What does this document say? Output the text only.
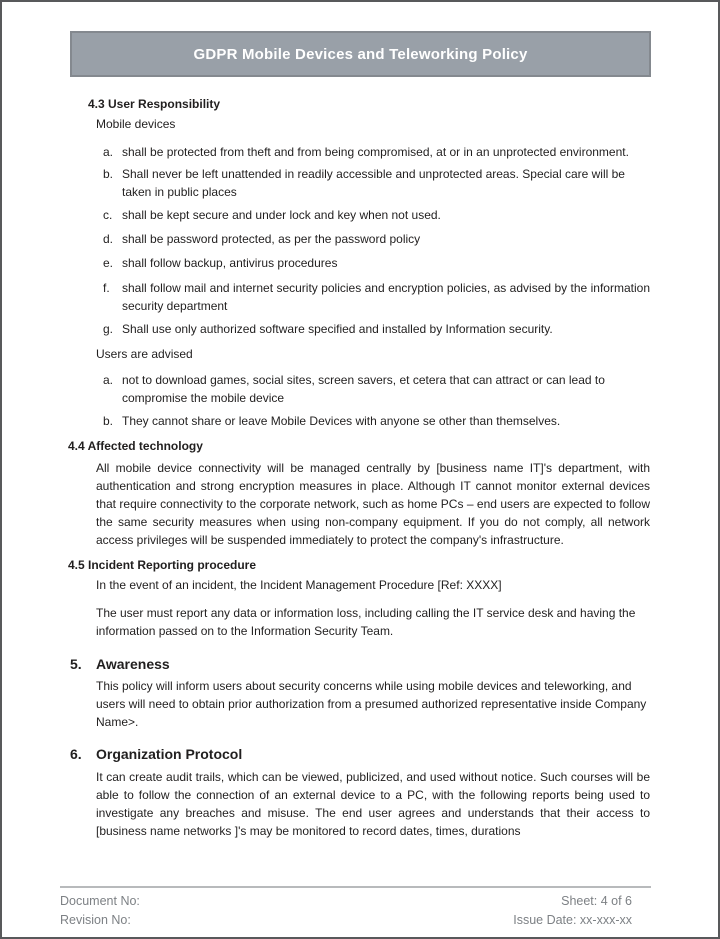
GDPR Mobile Devices and Teleworking Policy
4.3 User Responsibility
Mobile devices
a. shall be protected from theft and from being compromised, at or in an unprotected environment.
b. Shall never be left unattended in readily accessible and unprotected areas. Special care will be taken in public places
c. shall be kept secure and under lock and key when not used.
d. shall be password protected, as per the password policy
e. shall follow backup, antivirus procedures
f.	shall follow mail and internet security policies and encryption policies, as advised by the information security department
g. Shall use only authorized software specified and installed by Information security.
Users are advised
a. not to download games, social sites, screen savers, et cetera that can attract or can lead to compromise the mobile device
b. They cannot share or leave Mobile Devices with anyone se other than themselves.
4.4 Affected technology
All mobile device connectivity will be managed centrally by [business name IT]'s department, with authentication and strong encryption measures in place. Although IT cannot monitor external devices that require connectivity to the corporate network, such as home PCs – end users are expected to follow the same security measures when using non-company equipment. If you do not comply, all network access privileges will be suspended immediately to protect the company's infrastructure.
4.5 Incident Reporting procedure
In the event of an incident, the Incident Management Procedure [Ref: XXXX]
The user must report any data or information loss, including calling the IT service desk and having the information passed on to the Information Security Team.
5.	Awareness
This policy will inform users about security concerns while using mobile devices and teleworking, and users will need to obtain prior authorization from a presumed authorized representative inside Company Name>.
6.	Organization Protocol
It can create audit trails, which can be viewed, publicized, and used without notice. Such courses will be able to follow the connection of an external device to a PC, with the following reports being used to investigate any breaches and misuse. The end user agrees and understands that their access to [business name networks ]'s may be monitored to record dates, times, durations
Document No:	Sheet: 4 of 6
Revision No:	Issue Date: xx-xxx-xx
